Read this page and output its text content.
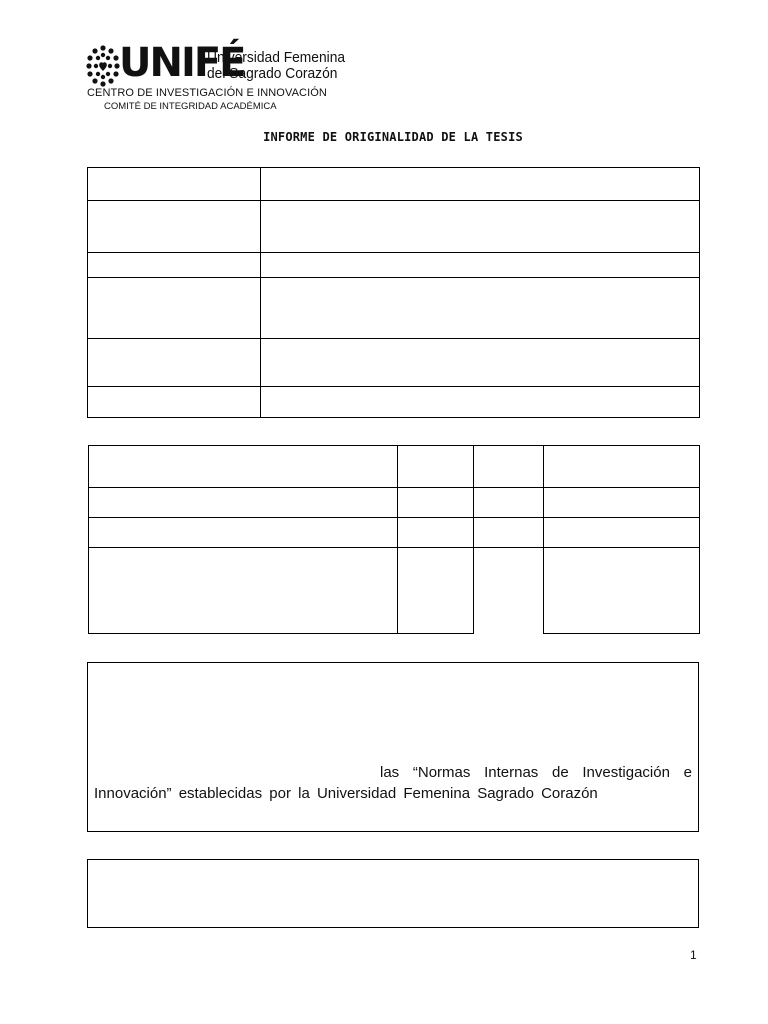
UNIFÉ
Universidad Femenina
del Sagrado Corazón
CENTRO DE INVESTIGACIÓN E INNOVACIÓN
COMITÉ DE INTEGRIDAD ACADÉMICA
INFORME DE ORIGINALIDAD DE LA TESIS
las “Normas Internas de Investigación e
Innovación” establecidas por la Universidad Femenina Sagrado Corazón
1
